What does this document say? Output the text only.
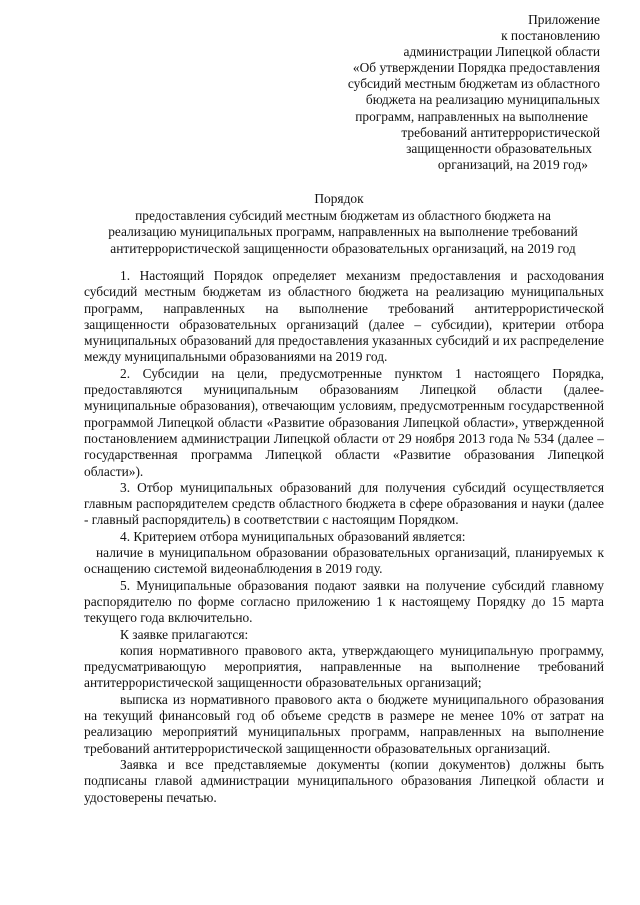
Приложение
к постановлению
администрации Липецкой области
«Об утверждении Порядка предоставления
субсидий местным бюджетам из областного
бюджета на реализацию муниципальных
программ, направленных на выполнение
требований антитеррористической
защищенности образовательных
организаций, на 2019 год»
Порядок
предоставления субсидий местным бюджетам из областного бюджета на
реализацию муниципальных программ, направленных на выполнение требований
антитеррористической защищенности образовательных организаций, на 2019 год

1. Настоящий Порядок определяет механизм предоставления и расходования субсидий местным бюджетам из областного бюджета на реализацию муниципальных программ, направленных на выполнение требований антитеррористической защищенности образовательных организаций (далее – субсидии), критерии отбора муниципальных образований для предоставления указанных субсидий и их распределение между муниципальными образованиями на 2019 год.

2. Субсидии на цели, предусмотренные пунктом 1 настоящего Порядка, предоставляются муниципальным образованиям Липецкой области (далее-муниципальные образования), отвечающим условиям, предусмотренным государственной программой Липецкой области «Развитие образования Липецкой области», утвержденной постановлением администрации Липецкой области от 29 ноября 2013 года № 534 (далее – государственная программа Липецкой области «Развитие образования Липецкой области»).

3. Отбор муниципальных образований для получения субсидий осуществляется главным распорядителем средств областного бюджета в сфере образования и науки (далее - главный распорядитель) в соответствии с настоящим Порядком.

4. Критерием отбора муниципальных образований является:

наличие в муниципальном образовании образовательных организаций, планируемых к оснащению системой видеонаблюдения в 2019 году.

5. Муниципальные образования подают заявки на получение субсидий главному распорядителю по форме согласно приложению 1 к настоящему Порядку до 15 марта текущего года включительно.

К заявке прилагаются:

копия нормативного правового акта, утверждающего муниципальную программу, предусматривающую мероприятия, направленные на выполнение требований антитеррористической защищенности образовательных организаций;

выписка из нормативного правового акта о бюджете муниципального образования на текущий финансовый год об объеме средств в размере не менее 10% от затрат на реализацию мероприятий муниципальных программ, направленных на выполнение требований антитеррористической защищенности образовательных организаций.

Заявка и все представляемые документы (копии документов) должны быть подписаны главой администрации муниципального образования Липецкой области и удостоверены печатью.
